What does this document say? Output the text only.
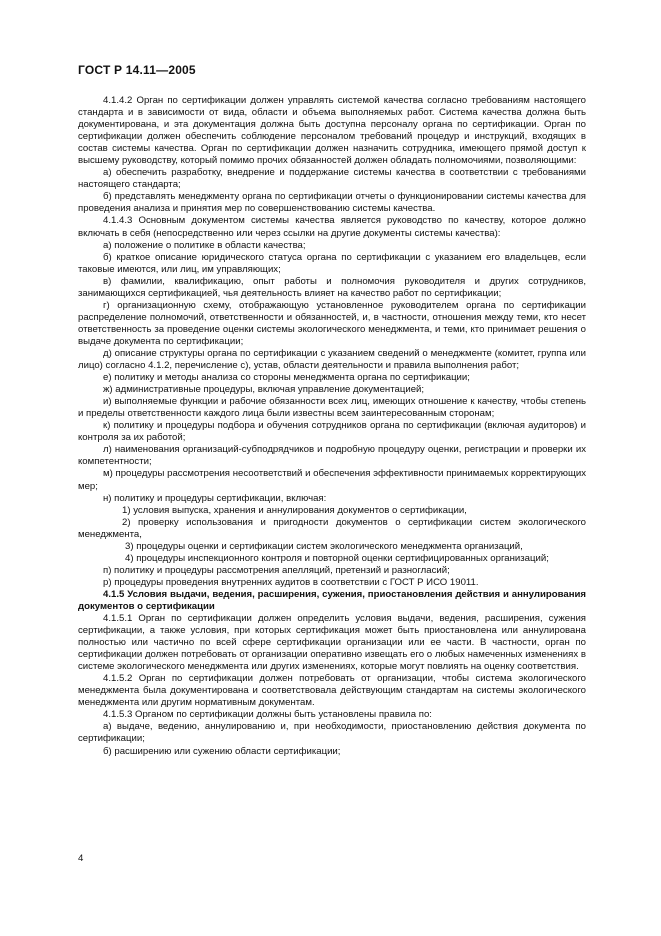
ГОСТ Р 14.11—2005

4.1.4.2 Орган по сертификации должен управлять системой качества согласно требованиям настоящего стандарта и в зависимости от вида, области и объема выполняемых работ. Система качества должна быть документирована, и эта документация должна быть доступна персоналу органа по сертификации. Орган по сертификации должен обеспечить соблюдение персоналом требований процедур и инструкций, входящих в состав системы качества. Орган по сертификации должен назначить сотрудника, имеющего прямой доступ к высшему руководству, который помимо прочих обязанностей должен обладать полномочиями, позволяющими:

а) обеспечить разработку, внедрение и поддержание системы качества в соответствии с требованиями настоящего стандарта;

б) представлять менеджменту органа по сертификации отчеты о функционировании системы качества для проведения анализа и принятия мер по совершенствованию системы качества.

4.1.4.3 Основным документом системы качества является руководство по качеству, которое должно включать в себя (непосредственно или через ссылки на другие документы системы качества):

а) положение о политике в области качества;

б) краткое описание юридического статуса органа по сертификации с указанием его владельцев, если таковые имеются, или лиц, им управляющих;

в) фамилии, квалификацию, опыт работы и полномочия руководителя и других сотрудников, занимающихся сертификацией, чья деятельность влияет на качество работ по сертификации;

г) организационную схему, отображающую установленное руководителем органа по сертификации распределение полномочий, ответственности и обязанностей, и, в частности, отношения между теми, кто несет ответственность за проведение оценки системы экологического менеджмента, и теми, кто принимает решения о выдаче документа по сертификации;

д) описание структуры органа по сертификации с указанием сведений о менеджменте (комитет, группа или лицо) согласно 4.1.2, перечисление с), устав, области деятельности и правила выполнения работ;

е) политику и методы анализа со стороны менеджмента органа по сертификации;

ж) административные процедуры, включая управление документацией;

и) выполняемые функции и рабочие обязанности всех лиц, имеющих отношение к качеству, чтобы степень и пределы ответственности каждого лица были известны всем заинтересованным сторонам;

к) политику и процедуры подбора и обучения сотрудников органа по сертификации (включая аудиторов) и контроля за их работой;

л) наименования организаций-субподрядчиков и подробную процедуру оценки, регистрации и проверки их компетентности;

м) процедуры рассмотрения несоответствий и обеспечения эффективности принимаемых корректирующих мер;

н) политику и процедуры сертификации, включая:

1) условия выпуска, хранения и аннулирования документов о сертификации,

2) проверку использования и пригодности документов о сертификации систем экологического менеджмента,

3) процедуры оценки и сертификации систем экологического менеджмента организаций,

4) процедуры инспекционного контроля и повторной оценки сертифицированных организаций;

п) политику и процедуры рассмотрения апелляций, претензий и разногласий;

р) процедуры проведения внутренних аудитов в соответствии с ГОСТ Р ИСО 19011.

4.1.5 Условия выдачи, ведения, расширения, сужения, приостановления действия и аннулирования документов о сертификации

4.1.5.1 Орган по сертификации должен определить условия выдачи, ведения, расширения, сужения сертификации, а также условия, при которых сертификация может быть приостановлена или аннулирована полностью или частично по всей сфере сертификации организации или ее части. В частности, орган по сертификации должен потребовать от организации оперативно извещать его о любых намеченных изменениях в системе экологического менеджмента или других изменениях, которые могут повлиять на оценку соответствия.

4.1.5.2 Орган по сертификации должен потребовать от организации, чтобы система экологического менеджмента была документирована и соответствовала действующим стандартам на системы экологического менеджмента или другим нормативным документам.

4.1.5.3 Органом по сертификации должны быть установлены правила по:

а) выдаче, ведению, аннулированию и, при необходимости, приостановлению действия документа по сертификации;

б) расширению или сужению области сертификации;

4
